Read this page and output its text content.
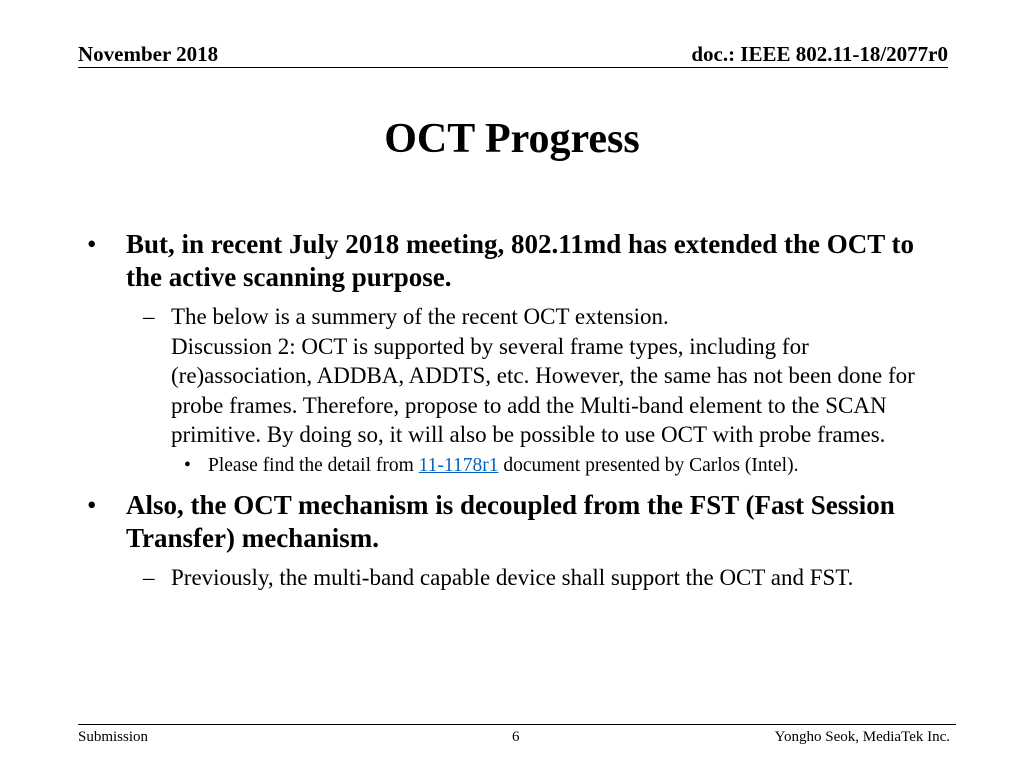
November 2018	doc.: IEEE 802.11-18/2077r0
OCT Progress
• But, in recent July 2018 meeting, 802.11md has extended the OCT to the active scanning purpose.
– The below is a summery of the recent OCT extension.
Discussion 2: OCT is supported by several frame types, including for (re)association, ADDBA, ADDTS, etc. However, the same has not been done for probe frames. Therefore, propose to add the Multi-band element to the SCAN primitive. By doing so, it will also be possible to use OCT with probe frames.
• Please find the detail from 11-1178r1 document presented by Carlos (Intel).
• Also, the OCT mechanism is decoupled from the FST (Fast Session Transfer) mechanism.
– Previously, the multi-band capable device shall support the OCT and FST.
Submission	6	Yongho Seok, MediaTek Inc.
